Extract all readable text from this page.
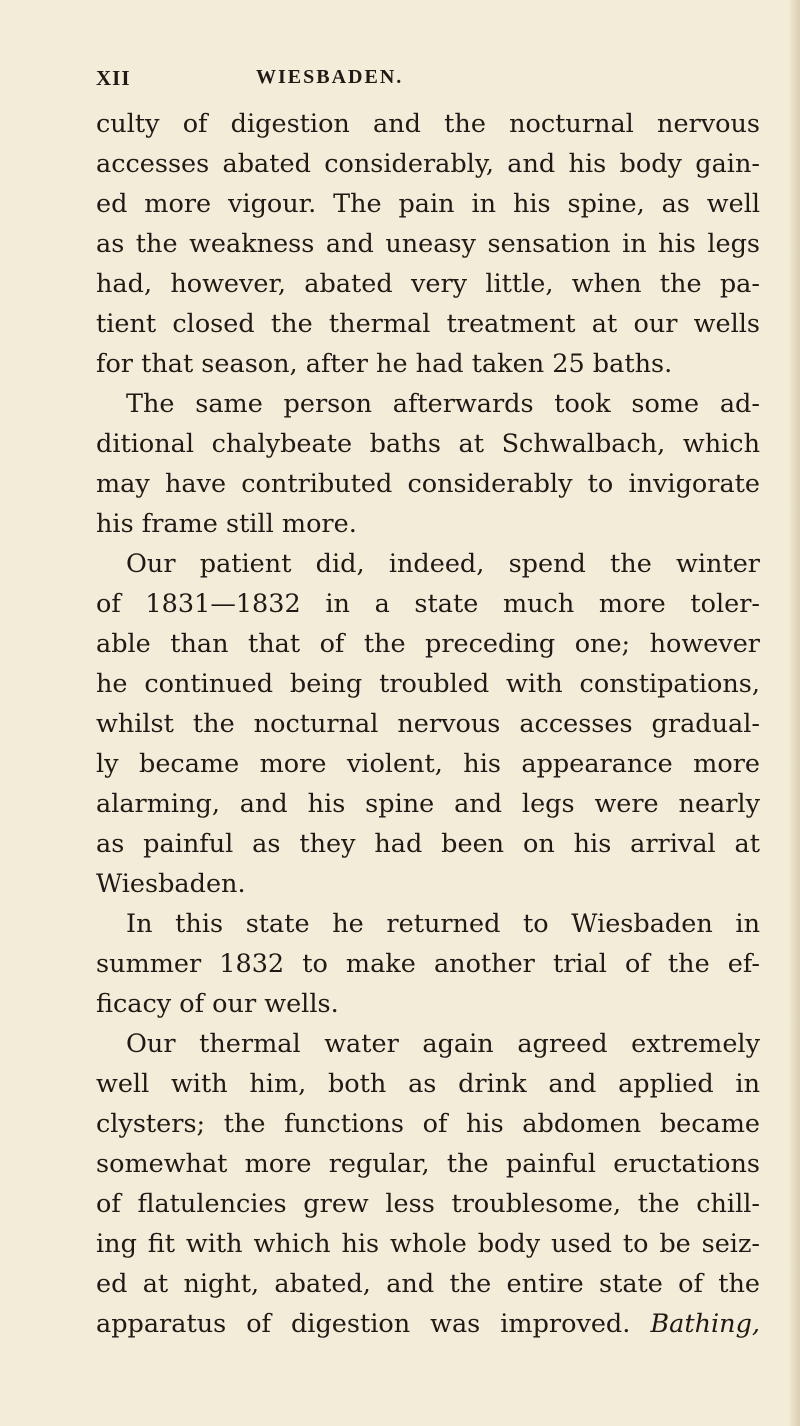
XII	WIESBADEN.
culty of digestion and the nocturnal nervous
accesses abated considerably, and his body gain-
ed more vigour. The pain in his spine, as well
as the weakness and uneasy sensation in his legs
had, however, abated very little, when the pa-
tient closed the thermal treatment at our wells
for that season, after he had taken 25 baths.
The same person afterwards took some ad-
ditional chalybeate baths at Schwalbach, which
may have contributed considerably to invigorate
his frame still more.
Our patient did, indeed, spend the winter
of 1831—1832 in a state much more toler-
able than that of the preceding one; however
he continued being troubled with constipations,
whilst the nocturnal nervous accesses gradual-
ly became more violent, his appearance more
alarming, and his spine and legs were nearly
as painful as they had been on his arrival at
Wiesbaden.
In this state he returned to Wiesbaden in
summer 1832 to make another trial of the ef-
ficacy of our wells.
Our thermal water again agreed extremely
well with him, both as drink and applied in
clysters; the functions of his abdomen became
somewhat more regular, the painful eructations
of flatulencies grew less troublesome, the chill-
ing fit with which his whole body used to be seiz-
ed at night, abated, and the entire state of the
apparatus of digestion was improved. Bathing,
